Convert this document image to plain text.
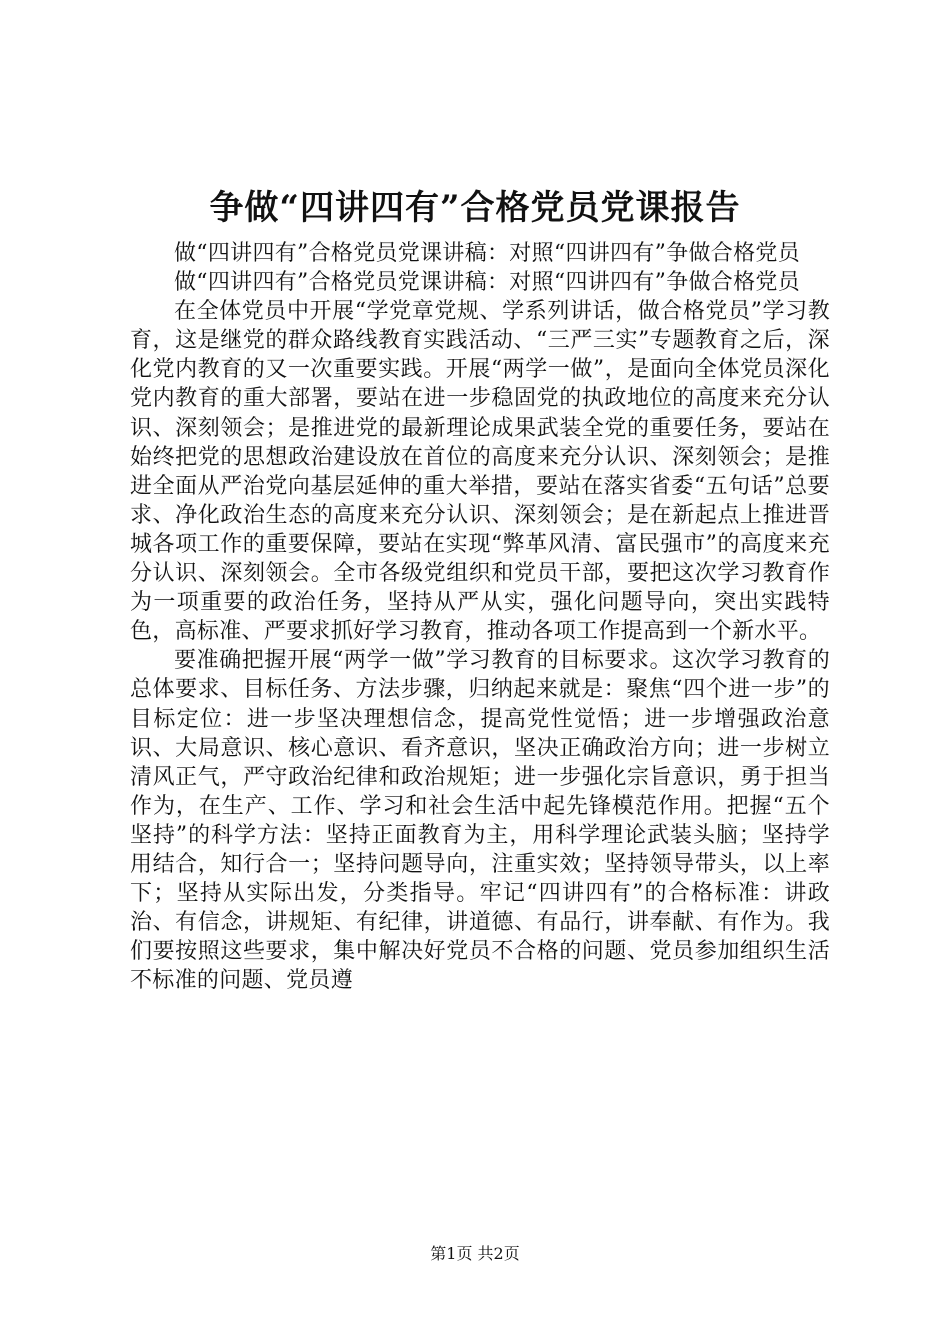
争做“四讲四有”合格党员党课报告

做“四讲四有”合格党员党课讲稿：对照“四讲四有”争做合格党员

做“四讲四有”合格党员党课讲稿：对照“四讲四有”争做合格党员

在全体党员中开展“学党章党规、学系列讲话，做合格党员”学习教育，这是继党的群众路线教育实践活动、“三严三实”专题教育之后，深化党内教育的又一次重要实践。开展“两学一做”，是面向全体党员深化党内教育的重大部署，要站在进一步稳固党的执政地位的高度来充分认识、深刻领会；是推进党的最新理论成果武装全党的重要任务，要站在始终把党的思想政治建设放在首位的高度来充分认识、深刻领会；是推进全面从严治党向基层延伸的重大举措，要站在落实省委“五句话”总要求、净化政治生态的高度来充分认识、深刻领会；是在新起点上推进晋城各项工作的重要保障，要站在实现“弊革风清、富民强市”的高度来充分认识、深刻领会。全市各级党组织和党员干部，要把这次学习教育作为一项重要的政治任务，坚持从严从实，强化问题导向，突出实践特色，高标准、严要求抓好学习教育，推动各项工作提高到一个新水平。

要准确把握开展“两学一做”学习教育的目标要求。这次学习教育的总体要求、目标任务、方法步骤，归纳起来就是：聚焦“四个进一步”的目标定位：进一步坚决理想信念，提高党性觉悟；进一步增强政治意识、大局意识、核心意识、看齐意识，坚决正确政治方向；进一步树立清风正气，严守政治纪律和政治规矩；进一步强化宗旨意识，勇于担当作为，在生产、工作、学习和社会生活中起先锋模范作用。把握“五个坚持”的科学方法：坚持正面教育为主，用科学理论武装头脑；坚持学用结合，知行合一；坚持问题导向，注重实效；坚持领导带头，以上率下；坚持从实际出发，分类指导。牢记“四讲四有”的合格标准：讲政治、有信念，讲规矩、有纪律，讲道德、有品行，讲奉献、有作为。我们要按照这些要求，集中解决好党员不合格的问题、党员参加组织生活不标准的问题、党员遵

第1页 共2页
